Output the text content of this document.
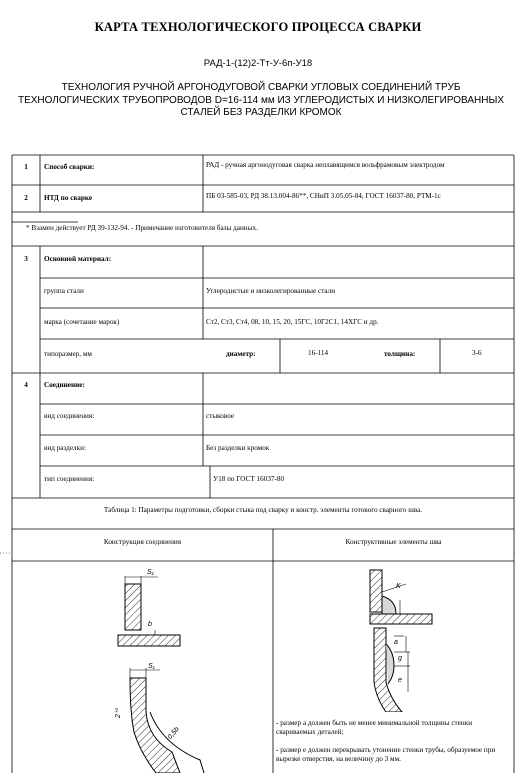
КАРТА ТЕХНОЛОГИЧЕСКОГО ПРОЦЕССА СВАРКИ
РАД-1-(12)2-Тт-У-6п-У18
ТЕХНОЛОГИЯ РУЧНОЙ АРГОНОДУГОВОЙ СВАРКИ УГЛОВЫХ СОЕДИНЕНИЙ ТРУБ
ТЕХНОЛОГИЧЕСКИХ ТРУБОПРОВОДОВ D=16-114 мм ИЗ УГЛЕРОДИСТЫХ И НИЗКОЛЕГИРОВАННЫХ
СТАЛЕЙ БЕЗ РАЗДЕЛКИ КРОМОК
1	Способ сварки:	РАД - ручная аргонодуговая сварка неплавящимся вольфрамовым электродом
2	НТД по сварке	ПБ 03-585-03, РД 38.13.004-86**, СНиП 3.05.05-84, ГОСТ 16037-80, РТМ-1с
* Взамен действует РД 39-132-94. - Примечание изготовителя базы данных.
3	Основной материал:
группа стали	Углеродистые и низколегированные стали
марка (сочетание марок)	Ст2, Ст3, Ст4, 08, 10, 15, 20, 15ГС, 10Г2С1, 14ХГС и др.
типоразмер, мм	диаметр:	16-114	толщина:	3-6
4	Соединение:
вид соединения:	стыковое
вид разделки:	Без разделки кромок
тип соединения:	У18 по ГОСТ 16037-80
Таблица 1: Параметры подготовки, сборки стыка под сварку и констр. элементы готового сварного шва.
Конструкция соединения	Конструктивные элементы шва
S₁
b
S₁
2⁺¹
0,5b
K
a
g
e
- размер a должен быть не менее минимальной толщины стенки свариваемых деталей;
- размер e должен перекрывать утонение стенки трубы, образуемое при вырезке отверстия, на величину до 3 мм.
